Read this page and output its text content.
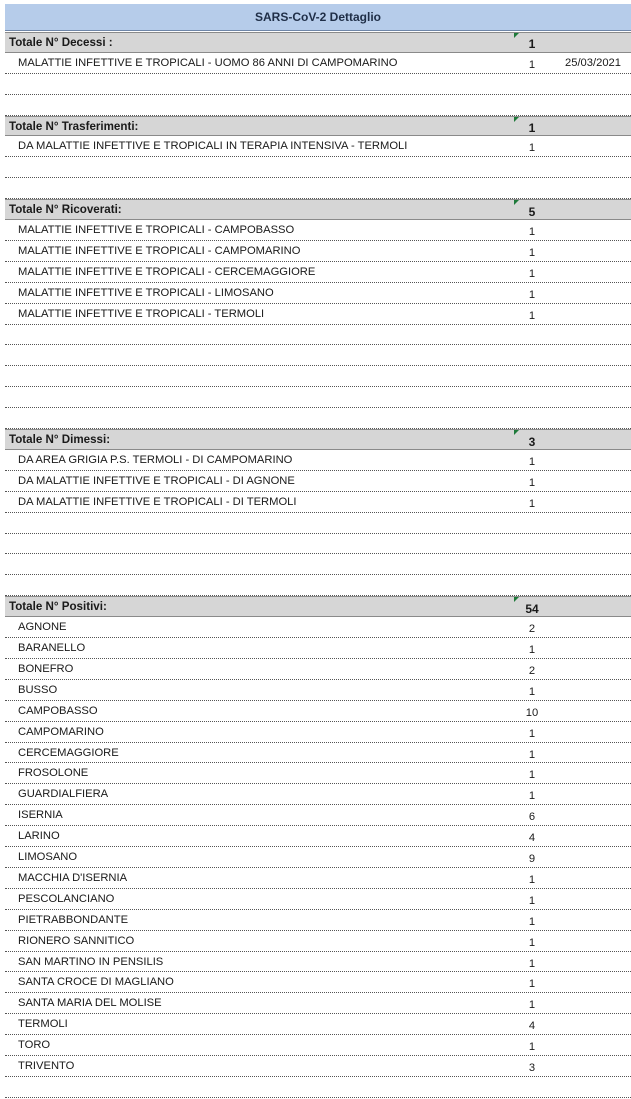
SARS-CoV-2 Dettaglio
Totale N° Decessi :	1
MALATTIE INFETTIVE E TROPICALI - UOMO 86 ANNI DI CAMPOMARINO	1	25/03/2021
Totale N° Trasferimenti:	1
DA MALATTIE INFETTIVE E TROPICALI IN TERAPIA INTENSIVA - TERMOLI	1
Totale N° Ricoverati:	5
MALATTIE INFETTIVE E TROPICALI - CAMPOBASSO	1
MALATTIE INFETTIVE E TROPICALI - CAMPOMARINO	1
MALATTIE INFETTIVE E TROPICALI - CERCEMAGGIORE	1
MALATTIE INFETTIVE E TROPICALI - LIMOSANO	1
MALATTIE INFETTIVE E TROPICALI - TERMOLI	1
Totale N° Dimessi:	3
DA AREA GRIGIA P.S. TERMOLI - DI CAMPOMARINO	1
DA MALATTIE INFETTIVE E TROPICALI - DI AGNONE	1
DA MALATTIE INFETTIVE E TROPICALI - DI TERMOLI	1
Totale N° Positivi:	54
AGNONE	2
BARANELLO	1
BONEFRO	2
BUSSO	1
CAMPOBASSO	10
CAMPOMARINO	1
CERCEMAGGIORE	1
FROSOLONE	1
GUARDIALFIERA	1
ISERNIA	6
LARINO	4
LIMOSANO	9
MACCHIA D'ISERNIA	1
PESCOLANCIANO	1
PIETRABBONDANTE	1
RIONERO SANNITICO	1
SAN MARTINO IN PENSILIS	1
SANTA CROCE DI MAGLIANO	1
SANTA MARIA DEL MOLISE	1
TERMOLI	4
TORO	1
TRIVENTO	3
